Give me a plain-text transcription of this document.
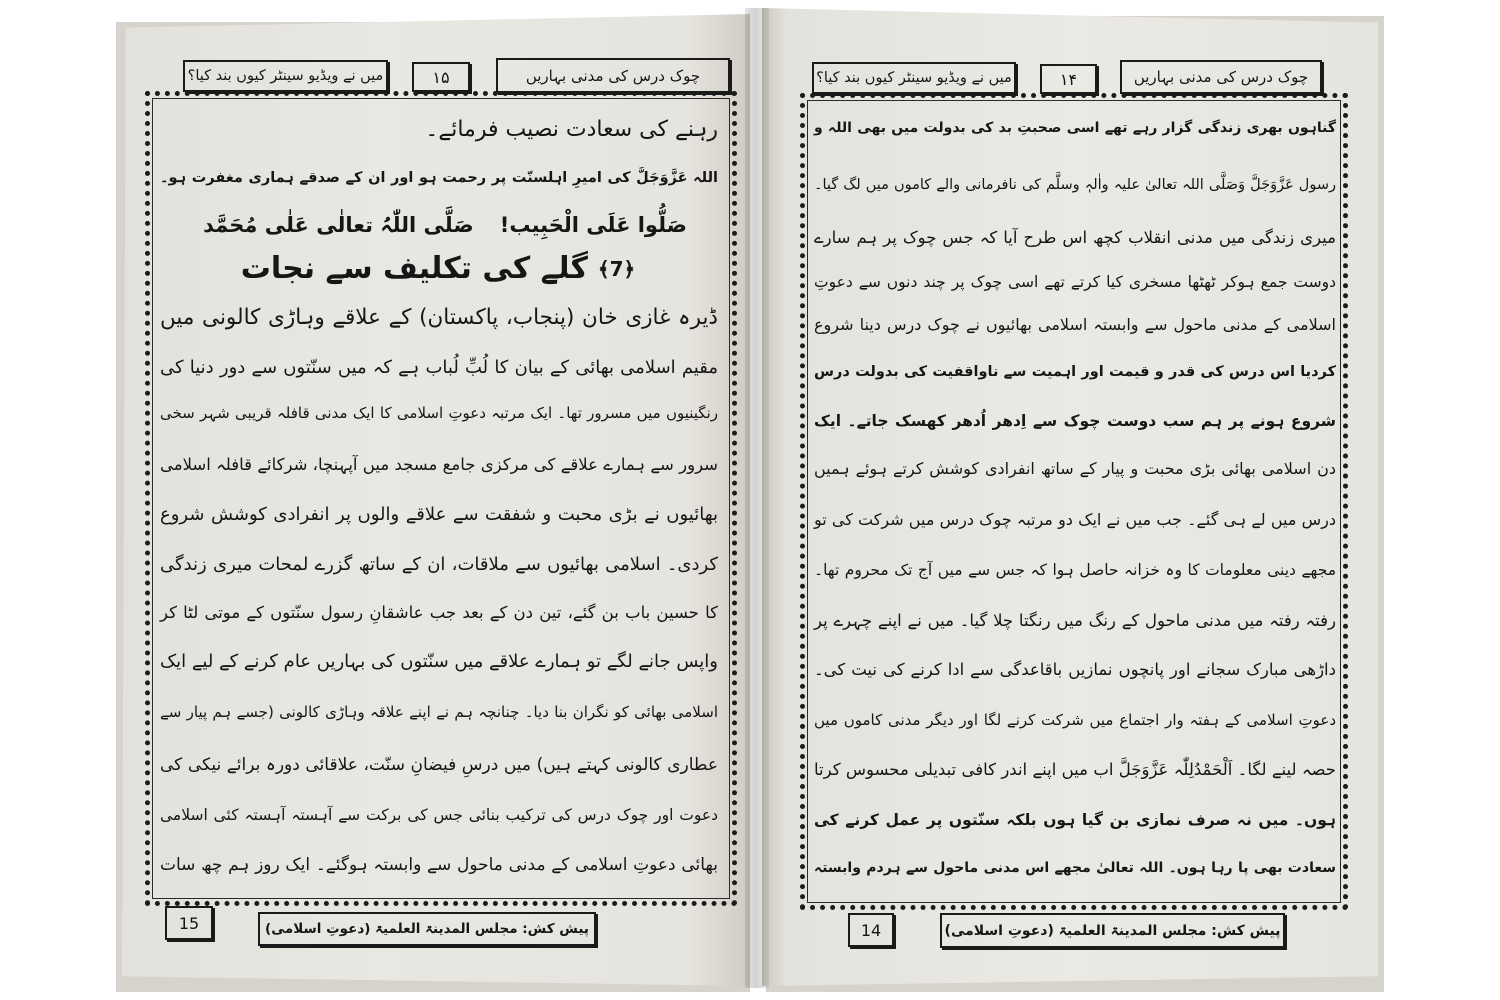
میں نے ویڈیو سینٹر کیوں بند کیا؟	۱۵	چوک درس کی مدنی بہاریں
رہنے کی سعادت نصیب فرمائے۔
اللہ عَزَّوَجَلَّ کی امیرِ اہلسنّت پر رحمت ہو اور ان کے صدقے ہماری مغفرت ہو۔
صَلُّوا عَلَی الْحَبِیب!
صَلَّی اللّٰہُ تعالٰی عَلٰی مُحَمَّد
﴿7﴾
گلے کی تکلیف سے نجات
ڈیرہ غازی خان (پنجاب، پاکستان) کے علاقے وہاڑی کالونی میں
مقیم اسلامی بھائی کے بیان کا لُبِّ لُباب ہے کہ میں سنّتوں سے دور دنیا کی
رنگینیوں میں مسرور تھا۔ ایک مرتبہ دعوتِ اسلامی کا ایک مدنی قافلہ قریبی شہر سخی
سرور سے ہمارے علاقے کی مرکزی جامع مسجد میں آپہنچا، شرکائے قافلہ اسلامی
بھائیوں نے بڑی محبت و شفقت سے علاقے والوں پر انفرادی کوشش شروع
کردی۔ اسلامی بھائیوں سے ملاقات، ان کے ساتھ گزرے لمحات میری زندگی
کا حسین باب بن گئے، تین دن کے بعد جب عاشقانِ رسول سنّتوں کے موتی لٹا کر
واپس جانے لگے تو ہمارے علاقے میں سنّتوں کی بہاریں عام کرنے کے لیے ایک
اسلامی بھائی کو نگران بنا دیا۔ چنانچہ ہم نے اپنے علاقہ وہاڑی کالونی (جسے ہم پیار سے
عطاری کالونی کہتے ہیں) میں درسِ فیضانِ سنّت، علاقائی دورہ برائے نیکی کی
دعوت اور چوک درس کی ترکیب بنائی جس کی برکت سے آہستہ آہستہ کئی اسلامی
بھائی دعوتِ اسلامی کے مدنی ماحول سے وابستہ ہوگئے۔ ایک روز ہم چھ سات
15	پیش کش: مجلس المدینۃ العلمیۃ (دعوتِ اسلامی)
میں نے ویڈیو سینٹر کیوں بند کیا؟	۱۴	چوک درس کی مدنی بہاریں
گناہوں بھری زندگی گزار رہے تھے اسی صحبتِ بد کی بدولت میں بھی اللہ و
رسول عَزَّوَجَلَّ وَصَلَّی اللہ تعالیٰ علیہ واٰلہٖ وسلَّم کی نافرمانی والے کاموں میں لگ گیا۔
میری زندگی میں مدنی انقلاب کچھ اس طرح آیا کہ جس چوک پر ہم سارے
دوست جمع ہوکر ٹھٹھا مسخری کیا کرتے تھے اسی چوک پر چند دنوں سے دعوتِ
اسلامی کے مدنی ماحول سے وابستہ اسلامی بھائیوں نے چوک درس دینا شروع
کردیا اس درس کی قدر و قیمت اور اہمیت سے ناواقفیت کی بدولت درس
شروع ہونے پر ہم سب دوست چوک سے اِدھر اُدھر کھسک جاتے۔ ایک
دن اسلامی بھائی بڑی محبت و پیار کے ساتھ انفرادی کوشش کرتے ہوئے ہمیں
درس میں لے ہی گئے۔ جب میں نے ایک دو مرتبہ چوک درس میں شرکت کی تو
مجھے دینی معلومات کا وہ خزانہ حاصل ہوا کہ جس سے میں آج تک محروم تھا۔
رفتہ رفتہ میں مدنی ماحول کے رنگ میں رنگتا چلا گیا۔ میں نے اپنے چہرے پر
داڑھی مبارک سجانے اور پانچوں نمازیں باقاعدگی سے ادا کرنے کی نیت کی۔
دعوتِ اسلامی کے ہفتہ وار اجتماع میں شرکت کرنے لگا اور دیگر مدنی کاموں میں
حصہ لینے لگا۔ اَلْحَمْدُلِلّٰہ عَزَّوَجَلَّ اب میں اپنے اندر کافی تبدیلی محسوس کرتا
ہوں۔ میں نہ صرف نمازی بن گیا ہوں بلکہ سنّتوں پر عمل کرنے کی
سعادت بھی پا رہا ہوں۔ اللہ تعالیٰ مجھے اس مدنی ماحول سے ہردم وابستہ
پیش کش: مجلس المدینۃ العلمیۃ (دعوتِ اسلامی)
14
